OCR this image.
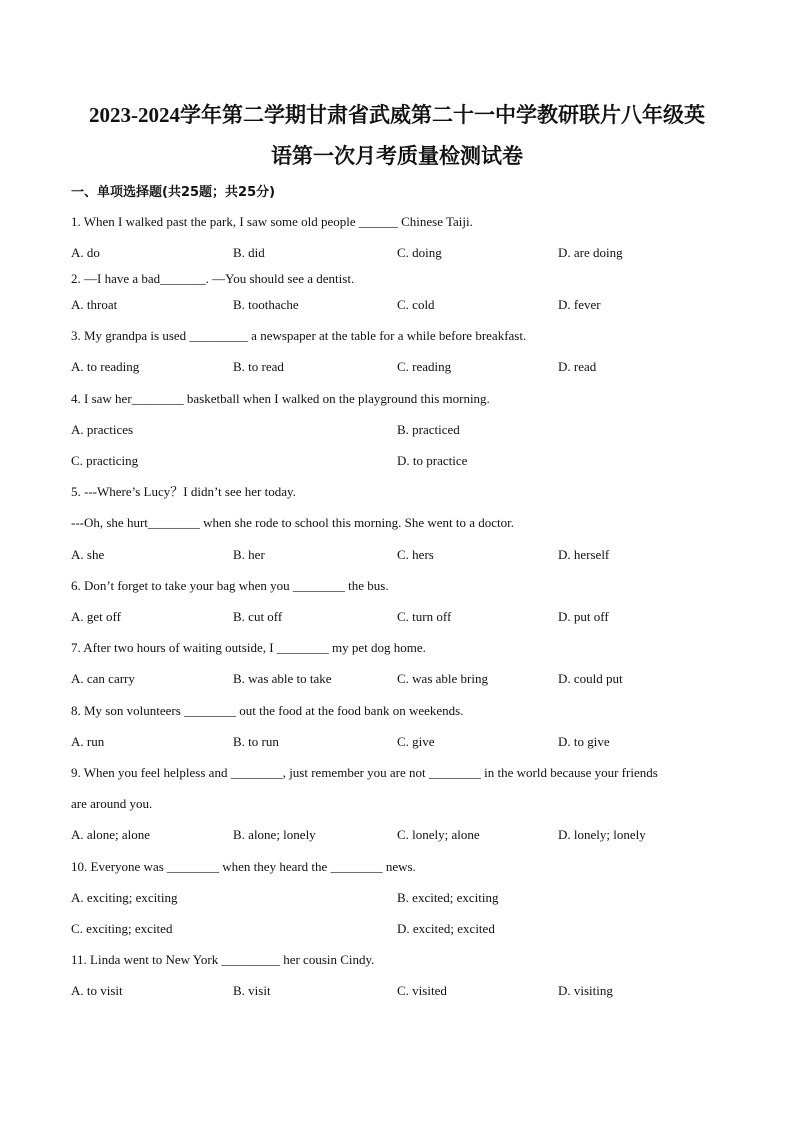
2023-2024学年第二学期甘肃省武威第二十一中学教研联片八年级英
语第一次月考质量检测试卷
一、单项选择题(共25题；共25分)
1. When I walked past the park, I saw some old people ______ Chinese Taiji.
A. do	B. did	C. doing	D. are doing
2. —I have a bad_______. —You should see a dentist.
A. throat	B. toothache	C. cold	D. fever
3. My grandpa is used _________ a newspaper at the table for a while before breakfast.
A. to reading	B. to read	C. reading	D. read
4. I saw her________ basketball when I walked on the playground this morning.
A. practices	B. practiced
C. practicing	D. to practice
5. ---Where’s Lucy？I didn’t see her today.
---Oh, she hurt________ when she rode to school this morning. She went to a doctor.
A. she	B. her	C. hers	D. herself
6. Don’t forget to take your bag when you ________ the bus.
A. get off	B. cut off	C. turn off	D. put off
7. After two hours of waiting outside, I ________ my pet dog home.
A. can carry	B. was able to take	C. was able bring	D. could put
8. My son volunteers ________ out the food at the food bank on weekends.
A. run	B. to run	C. give	D. to give
9. When you feel helpless and ________, just remember you are not ________ in the world because your friends
are around you.
A. alone; alone	B. alone; lonely	C. lonely; alone	D. lonely; lonely
10. Everyone was ________ when they heard the ________ news.
A. exciting; exciting	B. excited; exciting
C. exciting; excited	D. excited; excited
11. Linda went to New York _________ her cousin Cindy.
A. to visit	B. visit	C. visited	D. visiting
